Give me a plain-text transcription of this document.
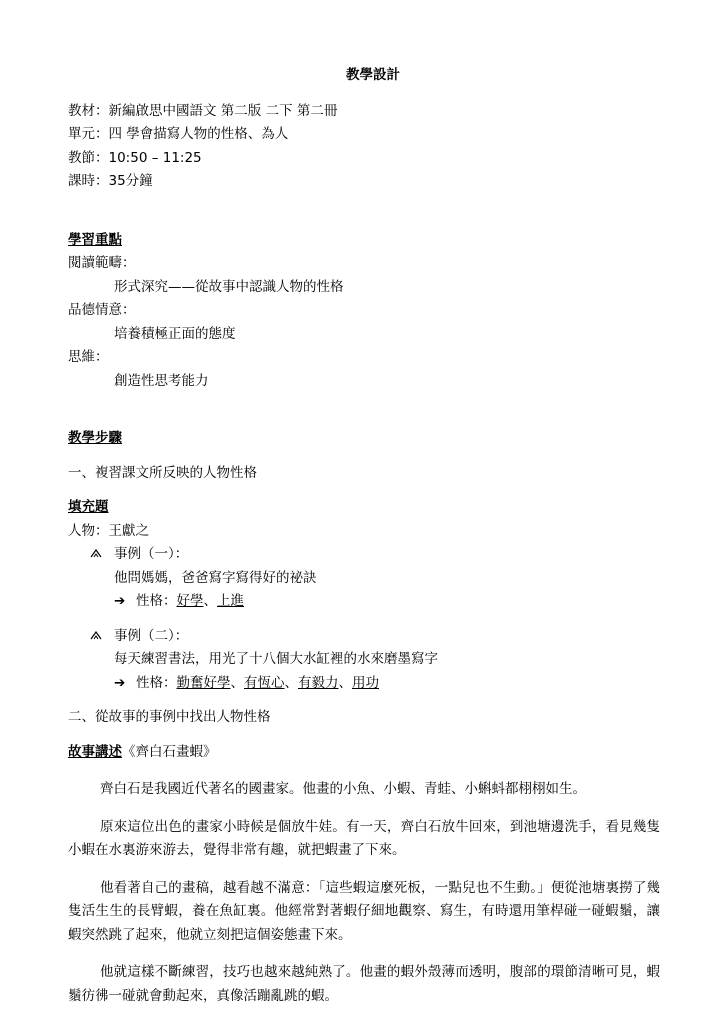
教學設計
教材：新編啟思中國語文 第二版 二下 第二冊
單元：四 學會描寫人物的性格、為人
教節：10:50 – 11:25
課時：35分鐘
學習重點
閱讀範疇：
形式深究——從故事中認識人物的性格
品德情意：
培養積極正面的態度
思維：
創造性思考能力
教學步驟
一、複習課文所反映的人物性格
填充題
人物：王獻之
事例（一）：
他問媽媽，爸爸寫字寫得好的祕訣
➔ 性格：好學、上進
事例（二）：
每天練習書法，用光了十八個大水缸裡的水來磨墨寫字
➔ 性格：勤奮好學、有恆心、有毅力、用功
二、從故事的事例中找出人物性格
故事講述《齊白石畫蝦》
齊白石是我國近代著名的國畫家。他畫的小魚、小蝦、青蛙、小蝌蚪都栩栩如生。
原來這位出色的畫家小時候是個放牛娃。有一天，齊白石放牛回來，到池塘邊洗手，看見幾隻小蝦在水裏游來游去，覺得非常有趣，就把蝦畫了下來。
他看著自己的畫稿，越看越不滿意：「這些蝦這麼死板，一點兒也不生動。」便從池塘裏撈了幾隻活生生的長臂蝦，養在魚缸裏。他經常對著蝦仔細地觀察、寫生，有時還用筆桿碰一碰蝦鬚，讓蝦突然跳了起來，他就立刻把這個姿態畫下來。
他就這樣不斷練習，技巧也越來越純熟了。他畫的蝦外殼薄而透明，腹部的環節清晰可見，蝦鬚彷彿一碰就會動起來，真像活蹦亂跳的蝦。
